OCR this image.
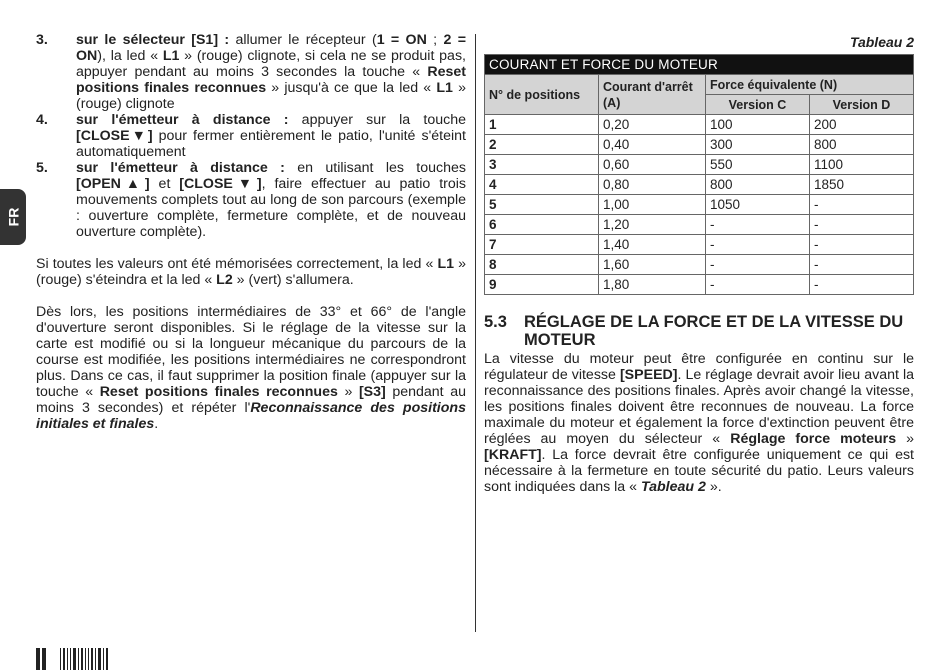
FR
3.	sur le sélecteur [S1] : allumer le récepteur (1 = ON ; 2 = ON), la led « L1 » (rouge) clignote, si cela ne se produit pas, appuyer pendant au moins 3 secondes la touche « Reset positions finales reconnues » jusqu'à ce que la led « L1 » (rouge) clignote
4.	sur l'émetteur à distance : appuyer sur la touche [CLOSE▼] pour fermer entièrement le patio, l'unité s'éteint automatiquement
5.	sur l'émetteur à distance : en utilisant les touches [OPEN▲] et [CLOSE▼], faire effectuer au patio trois mouvements complets tout au long de son parcours (exemple : ouverture complète, fermeture complète, et de nouveau ouverture complète).

Si toutes les valeurs ont été mémorisées correctement, la led « L1 » (rouge) s'éteindra et la led « L2 » (vert) s'allumera.

Dès lors, les positions intermédiaires de 33° et 66° de l'angle d'ouverture seront disponibles. Si le réglage de la vitesse sur la carte est modifié ou si la longueur mécanique du parcours de la course est modifiée, les positions intermédiaires ne correspondront plus. Dans ce cas, il faut supprimer la position finale (appuyer sur la touche « Reset positions finales reconnues » [S3] pendant au moins 3 secondes) et répéter l'Reconnaissance des positions initiales et finales.

Tableau 2
COURANT ET FORCE DU MOTEUR			
N° de positions	Courant d'arrêt (A)	Force équivalente (N)	
		Version C	Version D
1	0,20	100	200
2	0,40	300	800
3	0,60	550	1100
4	0,80	800	1850
5	1,00	1050	-
6	1,20	-	-
7	1,40	-	-
8	1,60	-	-
9	1,80	-	-
5.3	RÉGLAGE DE LA FORCE ET DE LA VITESSE DU MOTEUR

La vitesse du moteur peut être configurée en continu sur le régulateur de vitesse [SPEED]. Le réglage devrait avoir lieu avant la reconnaissance des positions finales. Après avoir changé la vitesse, les positions finales doivent être reconnues de nouveau. La force maximale du moteur et également la force d'extinction peuvent être réglées au moyen du sélecteur « Réglage force moteurs » [KRAFT]. La force devrait être configurée uniquement ce qui est nécessaire à la fermeture en toute sécurité du patio. Leurs valeurs sont indiquées dans la « Tableau 2 ».
